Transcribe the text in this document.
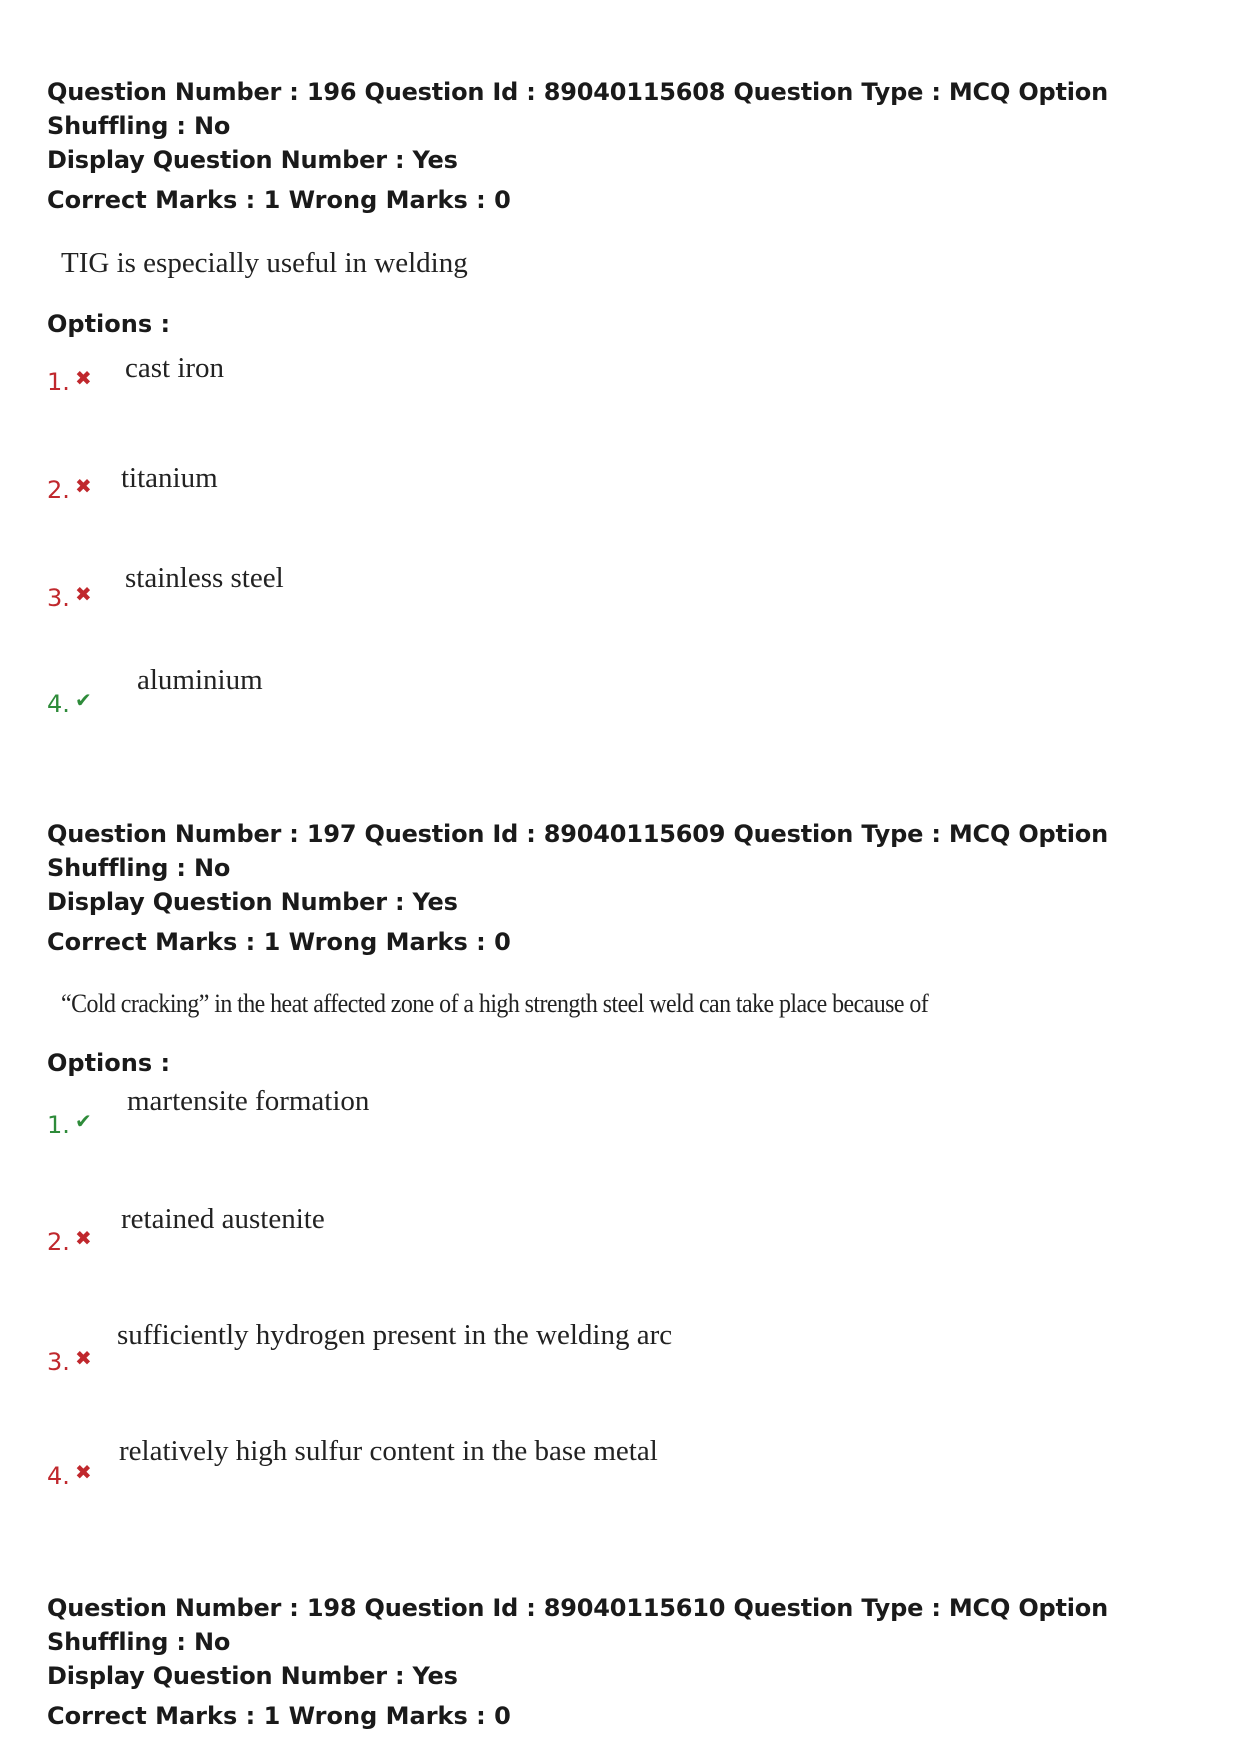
Question Number : 196 Question Id : 89040115608 Question Type : MCQ Option Shuffling : No
Display Question Number : Yes
Correct Marks : 1 Wrong Marks : 0
TIG is especially useful in welding
Options :
1. ✖ cast iron
2. ✖ titanium
3. ✖ stainless steel
4. ✔
aluminium
Question Number : 197 Question Id : 89040115609 Question Type : MCQ Option Shuffling : No
Display Question Number : Yes
Correct Marks : 1 Wrong Marks : 0
“Cold cracking” in the heat affected zone of a high strength steel weld can take place because of
Options :
1. ✔
martensite formation
2. ✖
retained austenite
3. ✖
sufficiently hydrogen present in the welding arc
4. ✖
relatively high sulfur content in the base metal
Question Number : 198 Question Id : 89040115610 Question Type : MCQ Option Shuffling : No
Display Question Number : Yes
Correct Marks : 1 Wrong Marks : 0
